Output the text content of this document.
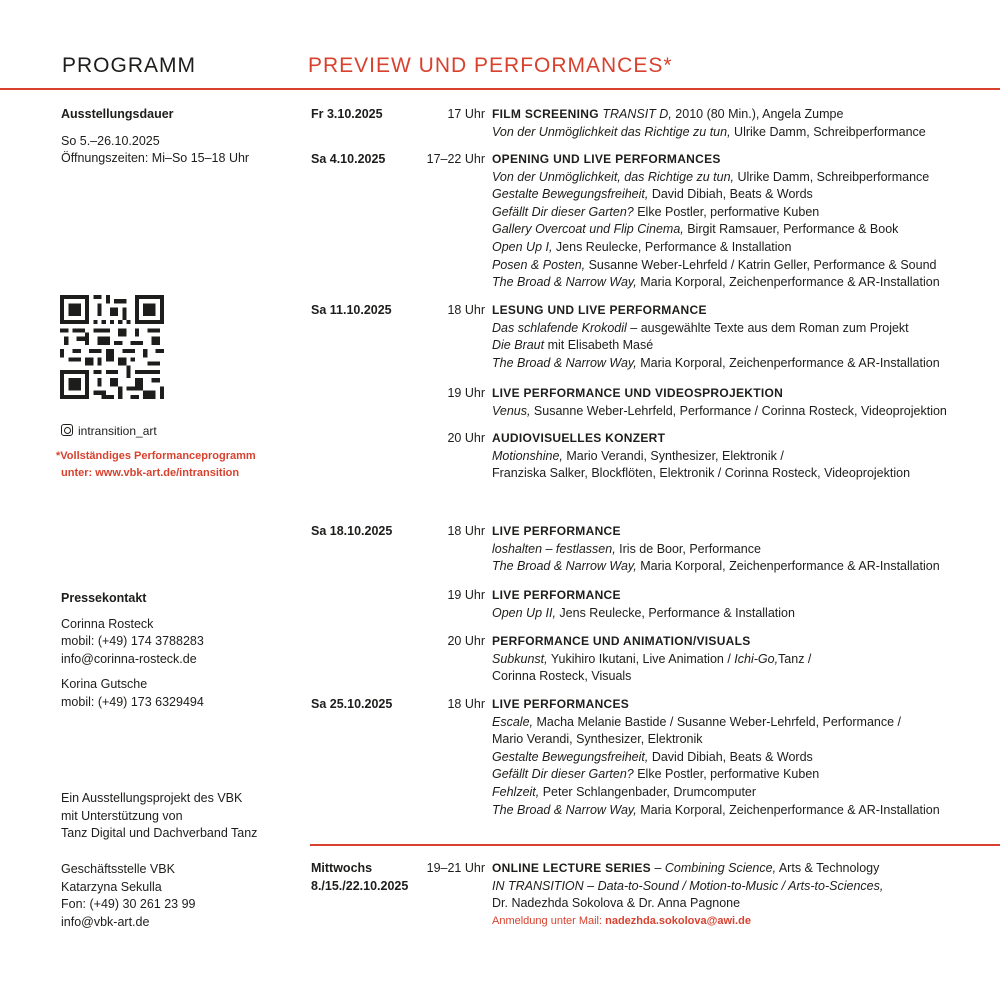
PROGRAMM	PREVIEW UND PERFORMANCES*
Ausstellungsdauer
So 5.–26.10.2025
Öffnungszeiten: Mi–So 15–18 Uhr
intransition_art
*Vollständiges Performanceprogramm
unter: www.vbk-art.de/intransition
Pressekontakt
Corinna Rosteck
mobil: (+49) 174 3788283
info@corinna-rosteck.de
Korina Gutsche
mobil: (+49) 173 6329494
Ein Ausstellungsprojekt des VBK
mit Unterstützung von
Tanz Digital und Dachverband Tanz
Geschäftsstelle VBK
Katarzyna Sekulla
Fon: (+49) 30 261 23 99
info@vbk-art.de
Fr 3.10.2025	17 Uhr FILM SCREENING TRANSIT D, 2010 (80 Min.), Angela Zumpe
Von der Unmöglichkeit das Richtige zu tun, Ulrike Damm, Schreibperformance
Sa 4.10.2025	17–22 Uhr OPENING UND LIVE PERFORMANCES
Von der Unmöglichkeit, das Richtige zu tun, Ulrike Damm, Schreibperformance
Gestalte Bewegungsfreiheit, David Dibiah, Beats & Words
Gefällt Dir dieser Garten? Elke Postler, performative Kuben
Gallery Overcoat und Flip Cinema, Birgit Ramsauer, Performance & Book
Open Up I, Jens Reulecke, Performance & Installation
Posen & Posten, Susanne Weber-Lehrfeld / Katrin Geller, Performance & Sound
The Broad & Narrow Way, Maria Korporal, Zeichenperformance & AR-Installation
Sa 11.10.2025	18 Uhr LESUNG UND LIVE PERFORMANCE
Das schlafende Krokodil – ausgewählte Texte aus dem Roman zum Projekt
Die Braut mit Elisabeth Masé
The Broad & Narrow Way, Maria Korporal, Zeichenperformance & AR-Installation
19 Uhr LIVE PERFORMANCE UND VIDEOSPROJEKTION
Venus, Susanne Weber-Lehrfeld, Performance / Corinna Rosteck, Videoprojektion
20 Uhr AUDIOVISUELLES KONZERT
Motionshine, Mario Verandi, Synthesizer, Elektronik /
Franziska Salker, Blockflöten, Elektronik / Corinna Rosteck, Videoprojektion
Sa 18.10.2025	18 Uhr LIVE PERFORMANCE
loshalten – festlassen, Iris de Boor, Performance
The Broad & Narrow Way, Maria Korporal, Zeichenperformance & AR-Installation
19 Uhr LIVE PERFORMANCE
Open Up II, Jens Reulecke, Performance & Installation
20 Uhr PERFORMANCE UND ANIMATION/VISUALS
Subkunst, Yukihiro Ikutani, Live Animation / Ichi-Go,Tanz /
Corinna Rosteck, Visuals
Sa 25.10.2025	18 Uhr LIVE PERFORMANCES
Escale, Macha Melanie Bastide / Susanne Weber-Lehrfeld, Performance /
Mario Verandi, Synthesizer, Elektronik
Gestalte Bewegungsfreiheit, David Dibiah, Beats & Words
Gefällt Dir dieser Garten? Elke Postler, performative Kuben
Fehlzeit, Peter Schlangenbader, Drumcomputer
The Broad & Narrow Way, Maria Korporal, Zeichenperformance & AR-Installation
Mittwochs
8./15./22.10.2025
19–21 Uhr ONLINE LECTURE SERIES – Combining Science, Arts & Technology
IN TRANSITION – Data-to-Sound / Motion-to-Music / Arts-to-Sciences,
Dr. Nadezhda Sokolova & Dr. Anna Pagnone
Anmeldung unter Mail: nadezhda.sokolova@awi.de
